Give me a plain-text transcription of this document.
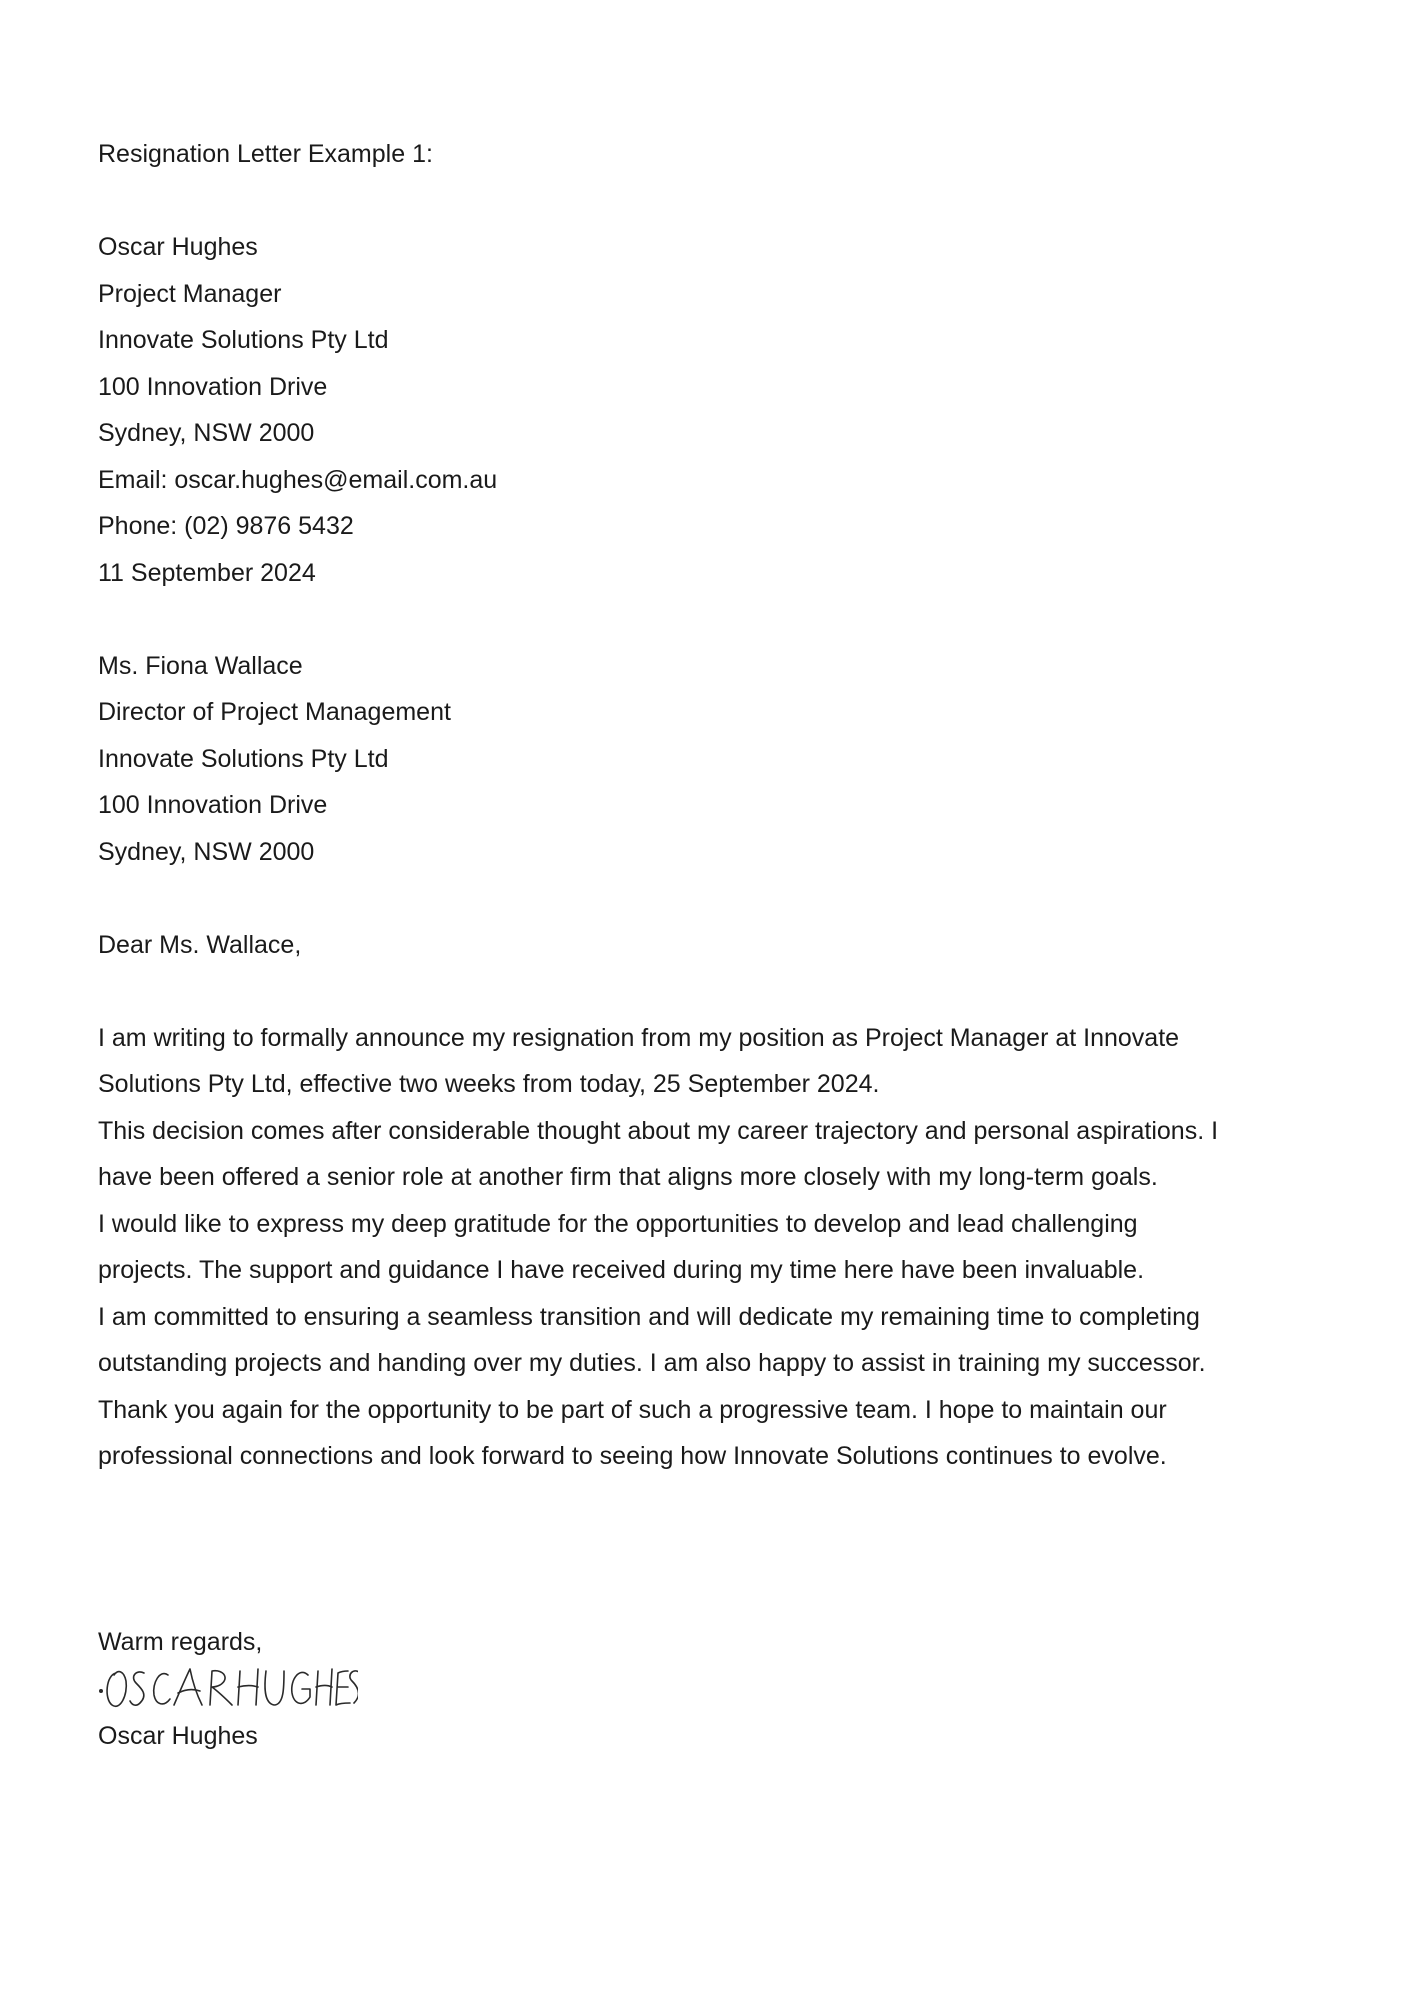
Resignation Letter Example 1:
Oscar Hughes
Project Manager
Innovate Solutions Pty Ltd
100 Innovation Drive
Sydney, NSW 2000
Email: oscar.hughes@email.com.au
Phone: (02) 9876 5432
11 September 2024
Ms. Fiona Wallace
Director of Project Management
Innovate Solutions Pty Ltd
100 Innovation Drive
Sydney, NSW 2000
Dear Ms. Wallace,
I am writing to formally announce my resignation from my position as Project Manager at Innovate
Solutions Pty Ltd, effective two weeks from today, 25 September 2024.
This decision comes after considerable thought about my career trajectory and personal aspirations. I
have been offered a senior role at another firm that aligns more closely with my long-term goals.
I would like to express my deep gratitude for the opportunities to develop and lead challenging
projects. The support and guidance I have received during my time here have been invaluable.
I am committed to ensuring a seamless transition and will dedicate my remaining time to completing
outstanding projects and handing over my duties. I am also happy to assist in training my successor.
Thank you again for the opportunity to be part of such a progressive team. I hope to maintain our
professional connections and look forward to seeing how Innovate Solutions continues to evolve.
Warm regards,
Oscar Hughes
